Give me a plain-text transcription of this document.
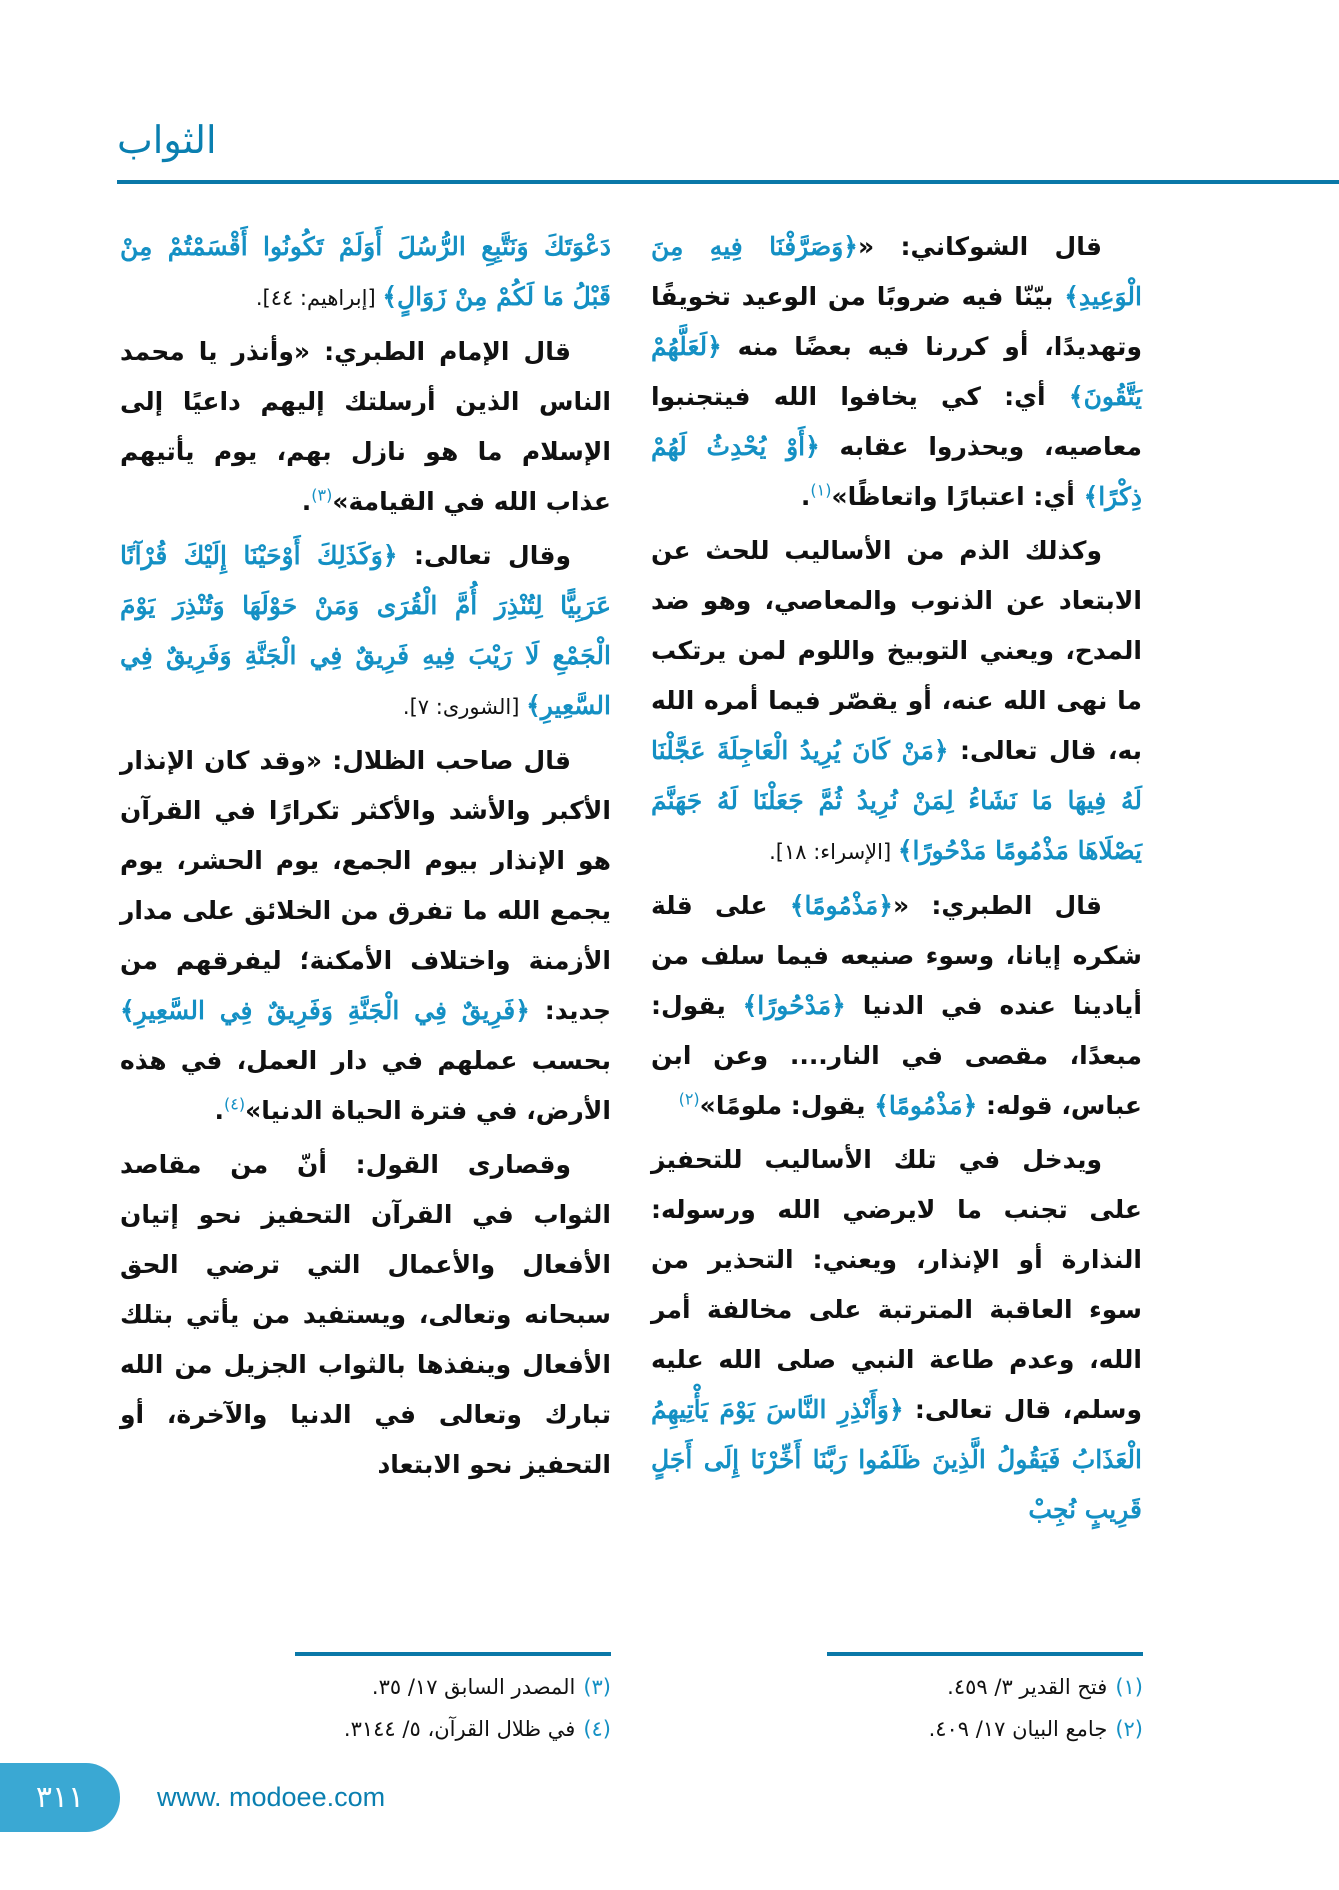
الثواب

قال الشوكاني: «﴿وَصَرَّفْنَا فِيهِ مِنَ الْوَعِيدِ﴾ بيّنّا فيه ضروبًا من الوعيد تخويفًا وتهديدًا، أو كررنا فيه بعضًا منه ﴿لَعَلَّهُمْ يَتَّقُونَ﴾ أي: كي يخافوا الله فيتجنبوا معاصيه، ويحذروا عقابه ﴿أَوْ يُحْدِثُ لَهُمْ ذِكْرًا﴾ أي: اعتبارًا واتعاظًا»$^{(١)}$.

وكذلك الذم من الأساليب للحث عن الابتعاد عن الذنوب والمعاصي، وهو ضد المدح، ويعني التوبيخ واللوم لمن يرتكب ما نهى الله عنه، أو يقصّر فيما أمره الله به، قال تعالى: ﴿مَنْ كَانَ يُرِيدُ الْعَاجِلَةَ عَجَّلْنَا لَهُ فِيهَا مَا نَشَاءُ لِمَنْ نُرِيدُ ثُمَّ جَعَلْنَا لَهُ جَهَنَّمَ يَصْلَاهَا مَذْمُومًا مَدْحُورًا﴾ [الإسراء: ١٨].

قال الطبري: «﴿مَذْمُومًا﴾ على قلة شكره إيانا، وسوء صنيعه فيما سلف من أيادينا عنده في الدنيا ﴿مَدْحُورًا﴾ يقول: مبعدًا، مقصى في النار.... وعن ابن عباس، قوله: ﴿مَذْمُومًا﴾ يقول: ملومًا»$^{(٢)}$

ويدخل في تلك الأساليب للتحفيز على تجنب ما لايرضي الله ورسوله: النذارة أو الإنذار، ويعني: التحذير من سوء العاقبة المترتبة على مخالفة أمر الله، وعدم طاعة النبي صلى الله عليه وسلم، قال تعالى: ﴿وَأَنْذِرِ النَّاسَ يَوْمَ يَأْتِيهِمُ الْعَذَابُ فَيَقُولُ الَّذِينَ ظَلَمُوا رَبَّنَا أَخِّرْنَا إِلَى أَجَلٍ قَرِيبٍ نُجِبْ

دَعْوَتَكَ وَنَتَّبِعِ الرُّسُلَ أَوَلَمْ تَكُونُوا أَقْسَمْتُمْ مِنْ قَبْلُ مَا لَكُمْ مِنْ زَوَالٍ﴾ [إبراهيم: ٤٤].

قال الإمام الطبري: «وأنذر يا محمد الناس الذين أرسلتك إليهم داعيًا إلى الإسلام ما هو نازل بهم، يوم يأتيهم عذاب الله في القيامة»$^{(٣)}$.

وقال تعالى: ﴿وَكَذَلِكَ أَوْحَيْنَا إِلَيْكَ قُرْآنًا عَرَبِيًّا لِتُنْذِرَ أُمَّ الْقُرَى وَمَنْ حَوْلَهَا وَتُنْذِرَ يَوْمَ الْجَمْعِ لَا رَيْبَ فِيهِ فَرِيقٌ فِي الْجَنَّةِ وَفَرِيقٌ فِي السَّعِيرِ﴾ [الشورى: ٧].

قال صاحب الظلال: «وقد كان الإنذار الأكبر والأشد والأكثر تكرارًا في القرآن هو الإنذار بيوم الجمع، يوم الحشر، يوم يجمع الله ما تفرق من الخلائق على مدار الأزمنة واختلاف الأمكنة؛ ليفرقهم من جديد: ﴿فَرِيقٌ فِي الْجَنَّةِ وَفَرِيقٌ فِي السَّعِيرِ﴾ بحسب عملهم في دار العمل، في هذه الأرض، في فترة الحياة الدنيا»$^{(٤)}$.

وقصارى القول: أنّ من مقاصد الثواب في القرآن التحفيز نحو إتيان الأفعال والأعمال التي ترضي الحق سبحانه وتعالى، ويستفيد من يأتي بتلك الأفعال وينفذها بالثواب الجزيل من الله تبارك وتعالى في الدنيا والآخرة، أو التحفيز نحو الابتعاد

(١)فتح القدير ٣/ ٤٥٩.
(٢)جامع البيان ١٧/ ٤٠٩.
(٣)المصدر السابق ١٧/ ٣٥.
(٤)في ظلال القرآن، ٥/ ٣١٤٤.
٣١١	www. modoee.com
